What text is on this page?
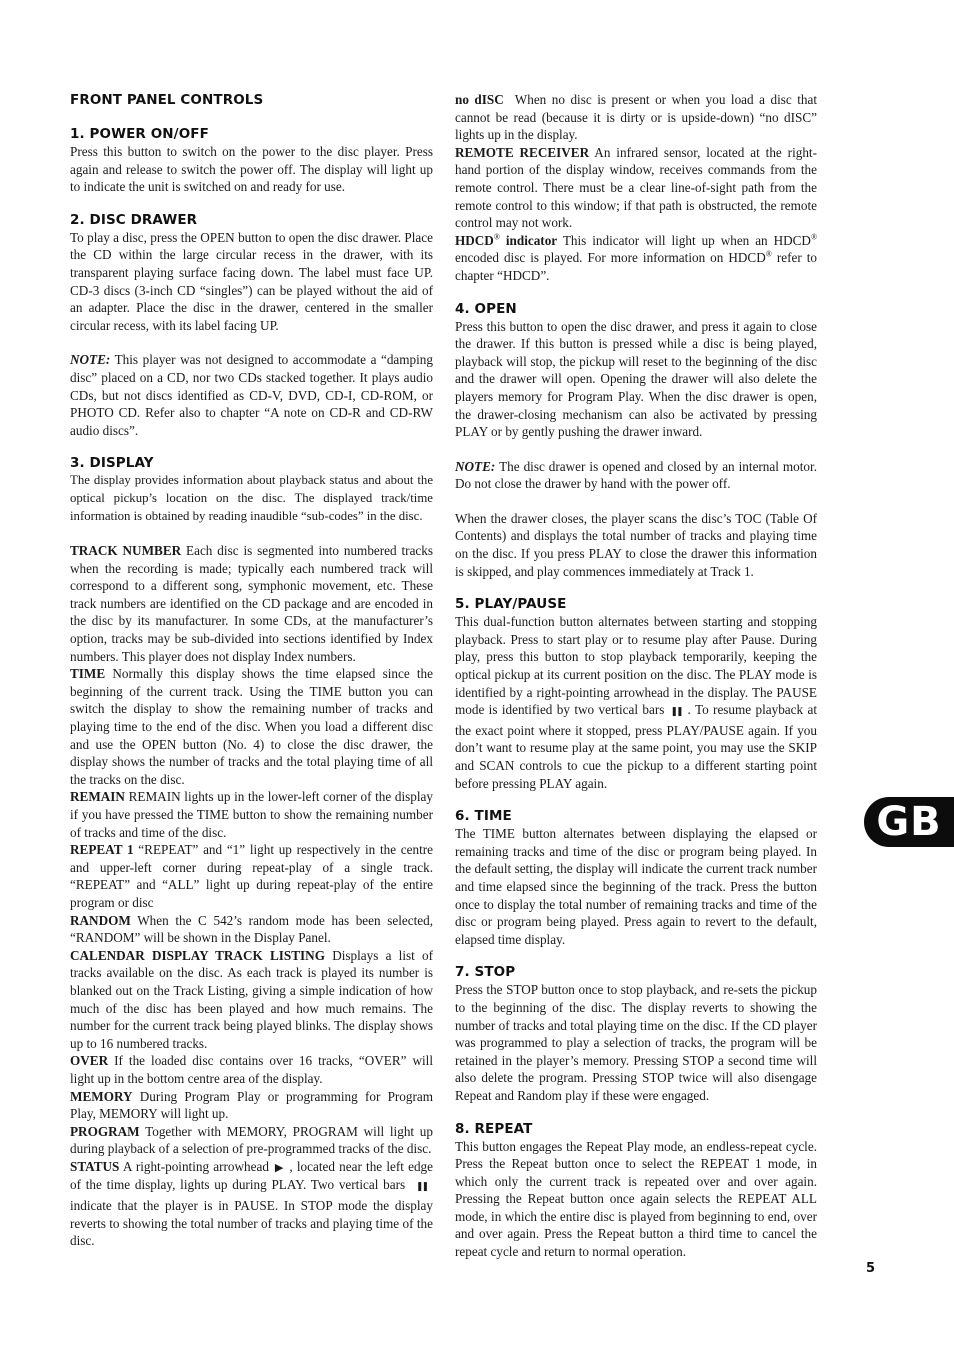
FRONT PANEL CONTROLS
1. POWER ON/OFF

Press this button to switch on the power to the disc player. Press again and release to switch the power off. The display will light up to indicate the unit is switched on and ready for use.

2. DISC DRAWER

To play a disc, press the OPEN button to open the disc drawer. Place the CD within the large circular recess in the drawer, with its transparent playing surface facing down. The label must face UP. CD-3 discs (3-inch CD “singles”) can be played without the aid of an adapter. Place the disc in the drawer, centered in the smaller circular recess, with its label facing UP.

NOTE: This player was not designed to accommodate a “damping disc” placed on a CD, nor two CDs stacked together. It plays audio CDs, but not discs identified as CD-V, DVD, CD-I, CD-ROM, or PHOTO CD. Refer also to chapter “A note on CD-R and CD-RW audio discs”.

3. DISPLAY

The display provides information about playback status and about the optical pickup’s location on the disc. The displayed track/time information is obtained by reading inaudible “sub-codes” in the disc.

TRACK NUMBER Each disc is segmented into numbered tracks when the recording is made; typically each numbered track will correspond to a different song, symphonic movement, etc. These track numbers are identified on the CD package and are encoded in the disc by its manufacturer. In some CDs, at the manufacturer’s option, tracks may be sub-divided into sections identified by Index numbers. This player does not display Index numbers.

TIME Normally this display shows the time elapsed since the beginning of the current track. Using the TIME button you can switch the display to show the remaining number of tracks and playing time to the end of the disc. When you load a different disc and use the OPEN button (No. 4) to close the disc drawer, the display shows the number of tracks and the total playing time of all the tracks on the disc.

REMAIN REMAIN lights up in the lower-left corner of the display if you have pressed the TIME button to show the remaining number of tracks and time of the disc.

REPEAT 1 “REPEAT” and “1” light up respectively in the centre and upper-left corner during repeat-play of a single track. “REPEAT” and “ALL” light up during repeat-play of the entire program or disc

RANDOM When the C 542’s random mode has been selected, “RANDOM” will be shown in the Display Panel.

CALENDAR DISPLAY TRACK LISTING Displays a list of tracks available on the disc. As each track is played its number is blanked out on the Track Listing, giving a simple indication of how much of the disc has been played and how much remains. The number for the current track being played blinks. The display shows up to 16 numbered tracks.

OVER If the loaded disc contains over 16 tracks, “OVER” will light up in the bottom centre area of the display.

MEMORY During Program Play or programming for Program Play, MEMORY will light up.

PROGRAM Together with MEMORY, PROGRAM will light up during playback of a selection of pre-programmed tracks of the disc.

STATUS A right-pointing arrowhead ▶ , located near the left edge of the time display, lights up during PLAY. Two vertical bars ❚❚ indicate that the player is in PAUSE. In STOP mode the display reverts to showing the total number of tracks and playing time of the disc.

no dISC When no disc is present or when you load a disc that cannot be read (because it is dirty or is upside-down) “no dISC” lights up in the display.

REMOTE RECEIVER An infrared sensor, located at the right-hand portion of the display window, receives commands from the remote control. There must be a clear line-of-sight path from the remote control to this window; if that path is obstructed, the remote control may not work.

HDCD® indicator This indicator will light up when an HDCD® encoded disc is played. For more information on HDCD® refer to chapter “HDCD”.

4. OPEN

Press this button to open the disc drawer, and press it again to close the drawer. If this button is pressed while a disc is being played, playback will stop, the pickup will reset to the beginning of the disc and the drawer will open. Opening the drawer will also delete the players memory for Program Play. When the disc drawer is open, the drawer-closing mechanism can also be activated by pressing PLAY or by gently pushing the drawer inward.

NOTE: The disc drawer is opened and closed by an internal motor. Do not close the drawer by hand with the power off.

When the drawer closes, the player scans the disc’s TOC (Table Of Contents) and displays the total number of tracks and playing time on the disc. If you press PLAY to close the drawer this information is skipped, and play commences immediately at Track 1.

5. PLAY/PAUSE

This dual-function button alternates between starting and stopping playback. Press to start play or to resume play after Pause. During play, press this button to stop playback temporarily, keeping the optical pickup at its current position on the disc. The PLAY mode is identified by a right-pointing arrowhead in the display. The PAUSE mode is identified by two vertical bars ❚❚ . To resume playback at the exact point where it stopped, press PLAY/PAUSE again. If you don’t want to resume play at the same point, you may use the SKIP and SCAN controls to cue the pickup to a different starting point before pressing PLAY again.

6. TIME

The TIME button alternates between displaying the elapsed or remaining tracks and time of the disc or program being played. In the default setting, the display will indicate the current track number and time elapsed since the beginning of the track. Press the button once to display the total number of remaining tracks and time of the disc or program being played. Press again to revert to the default, elapsed time display.

7. STOP

Press the STOP button once to stop playback, and re-sets the pickup to the beginning of the disc. The display reverts to showing the number of tracks and total playing time on the disc. If the CD player was programmed to play a selection of tracks, the program will be retained in the player’s memory. Pressing STOP a second time will also delete the program. Pressing STOP twice will also disengage Repeat and Random play if these were engaged.

8. REPEAT

This button engages the Repeat Play mode, an endless-repeat cycle. Press the Repeat button once to select the REPEAT 1 mode, in which only the current track is repeated over and over again. Pressing the Repeat button once again selects the REPEAT ALL mode, in which the entire disc is played from beginning to end, over and over again. Press the Repeat button a third time to cancel the repeat cycle and return to normal operation.

GB
5
